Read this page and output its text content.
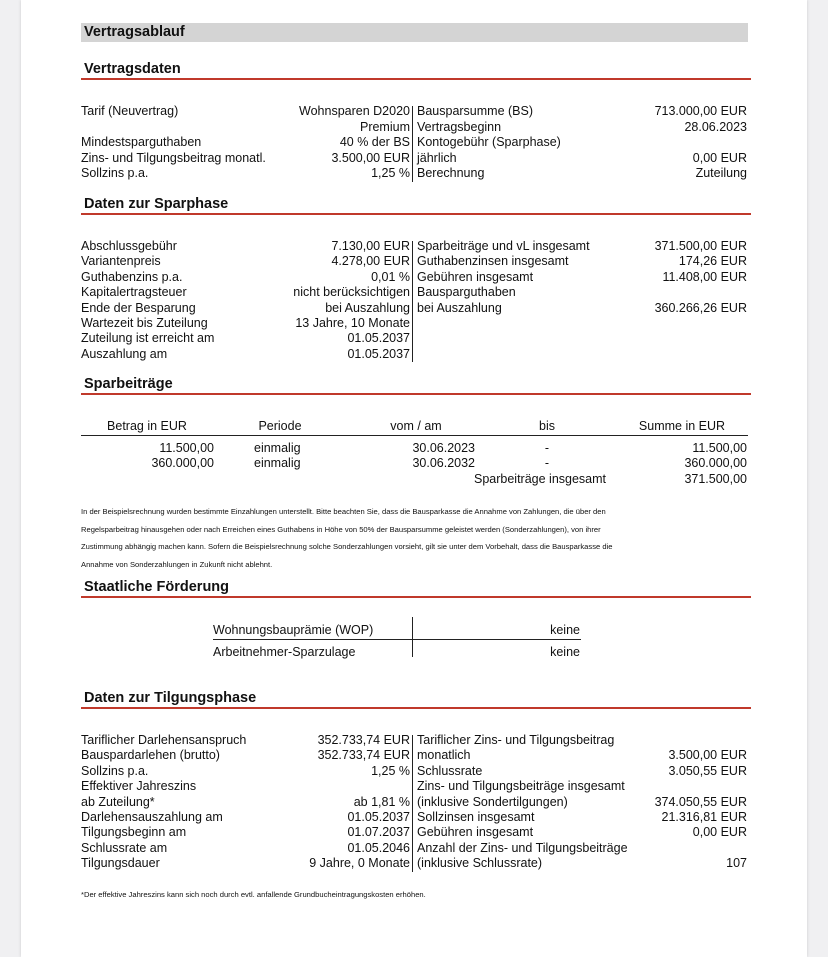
Vertragsablauf
Vertragsdaten
Tarif (Neuvertrag)	Wohnsparen D2020
Premium
Mindestsparguthaben	40 % der BS
Zins- und Tilgungsbeitrag monatl.	3.500,00 EUR
Sollzins p.a.	1,25 %
Bausparsumme (BS)	713.000,00 EUR
Vertragsbeginn	28.06.2023
Kontogebühr (Sparphase)
jährlich	0,00 EUR
Berechnung	Zuteilung
Daten zur Sparphase
Abschlussgebühr	7.130,00 EUR
Variantenpreis	4.278,00 EUR
Guthabenzins p.a.	0,01 %
Kapitalertragsteuer	nicht berücksichtigen
Ende der Besparung	bei Auszahlung
Wartezeit bis Zuteilung	13 Jahre, 10 Monate
Zuteilung ist erreicht am	01.05.2037
Auszahlung am	01.05.2037
Sparbeiträge und vL insgesamt	371.500,00 EUR
Guthabenzinsen insgesamt	174,26 EUR
Gebühren insgesamt	11.408,00 EUR
Bausparguthaben
bei Auszahlung	360.266,26 EUR
Sparbeiträge
Betrag in EUR	Periode	vom / am	bis	Summe in EUR
11.500,00	einmalig	30.06.2023	-	11.500,00
360.000,00	einmalig	30.06.2032	-	360.000,00
Sparbeiträge insgesamt	371.500,00
In der Beispielsrechnung wurden bestimmte Einzahlungen unterstellt. Bitte beachten Sie, dass die Bausparkasse die Annahme von Zahlungen, die über den
Regelsparbeitrag hinausgehen oder nach Erreichen eines Guthabens in Höhe von 50% der Bausparsumme geleistet werden (Sonderzahlungen), von ihrer
Zustimmung abhängig machen kann. Sofern die Beispielsrechnung solche Sonderzahlungen vorsieht, gilt sie unter dem Vorbehalt, dass die Bausparkasse die
Annahme von Sonderzahlungen in Zukunft nicht ablehnt.
Staatliche Förderung
Wohnungsbauprämie (WOP)	keine
Arbeitnehmer-Sparzulage	keine
Daten zur Tilgungsphase
Tariflicher Darlehensanspruch	352.733,74 EUR
Bauspardarlehen (brutto)	352.733,74 EUR
Sollzins p.a.	1,25 %
Effektiver Jahreszins
ab Zuteilung*	ab 1,81 %
Darlehensauszahlung am	01.05.2037
Tilgungsbeginn am	01.07.2037
Schlussrate am	01.05.2046
Tilgungsdauer	9 Jahre, 0 Monate
Tariflicher Zins- und Tilgungsbeitrag
monatlich	3.500,00 EUR
Schlussrate	3.050,55 EUR
Zins- und Tilgungsbeiträge insgesamt
(inklusive Sondertilgungen)	374.050,55 EUR
Sollzinsen insgesamt	21.316,81 EUR
Gebühren insgesamt	0,00 EUR
Anzahl der Zins- und Tilgungsbeiträge
(inklusive Schlussrate)	107
*Der effektive Jahreszins kann sich noch durch evtl. anfallende Grundbucheintragungskosten erhöhen.
